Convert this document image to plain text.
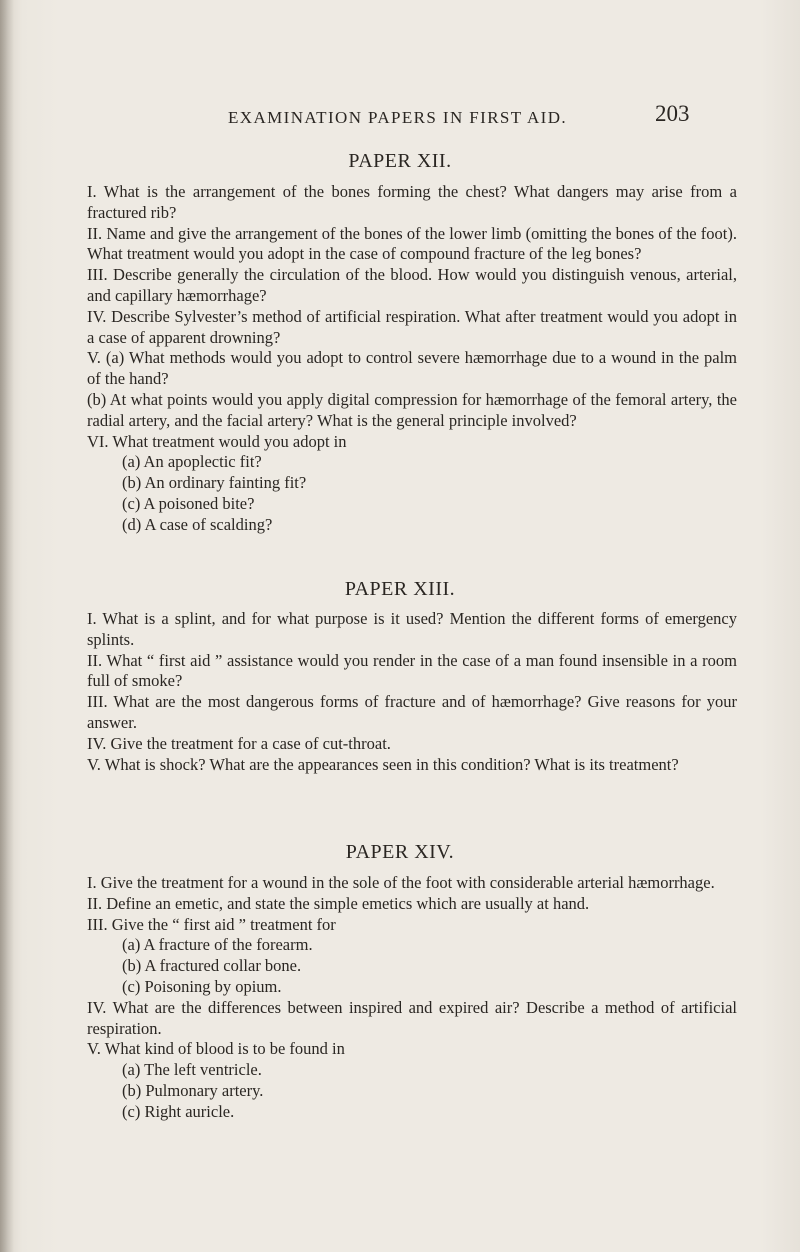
EXAMINATION PAPERS IN FIRST AID.	203
PAPER XII.

I. What is the arrangement of the bones forming the chest? What dangers may arise from a fractured rib?

II. Name and give the arrangement of the bones of the lower limb (omitting the bones of the foot). What treatment would you adopt in the case of compound fracture of the leg bones?

III. Describe generally the circulation of the blood. How would you distinguish venous, arterial, and capillary hæmorrhage?

IV. Describe Sylvester’s method of artificial respiration. What after treatment would you adopt in a case of apparent drowning?

V. (a) What methods would you adopt to control severe hæmorrhage due to a wound in the palm of the hand?

(b) At what points would you apply digital compression for hæmorrhage of the femoral artery, the radial artery, and the facial artery? What is the general principle involved?

VI. What treatment would you adopt in

(a) An apoplectic fit?

(b) An ordinary fainting fit?

(c) A poisoned bite?

(d) A case of scalding?

PAPER XIII.

I. What is a splint, and for what purpose is it used? Mention the different forms of emergency splints.

II. What “ first aid ” assistance would you render in the case of a man found insensible in a room full of smoke?

III. What are the most dangerous forms of fracture and of hæmorrhage? Give reasons for your answer.

IV. Give the treatment for a case of cut-throat.

V. What is shock? What are the appearances seen in this condition? What is its treatment?

PAPER XIV.

I. Give the treatment for a wound in the sole of the foot with considerable arterial hæmorrhage.

II. Define an emetic, and state the simple emetics which are usually at hand.

III. Give the “ first aid ” treatment for

(a) A fracture of the forearm.

(b) A fractured collar bone.

(c) Poisoning by opium.

IV. What are the differences between inspired and expired air? Describe a method of artificial respiration.

V. What kind of blood is to be found in

(a) The left ventricle.

(b) Pulmonary artery.

(c) Right auricle.
